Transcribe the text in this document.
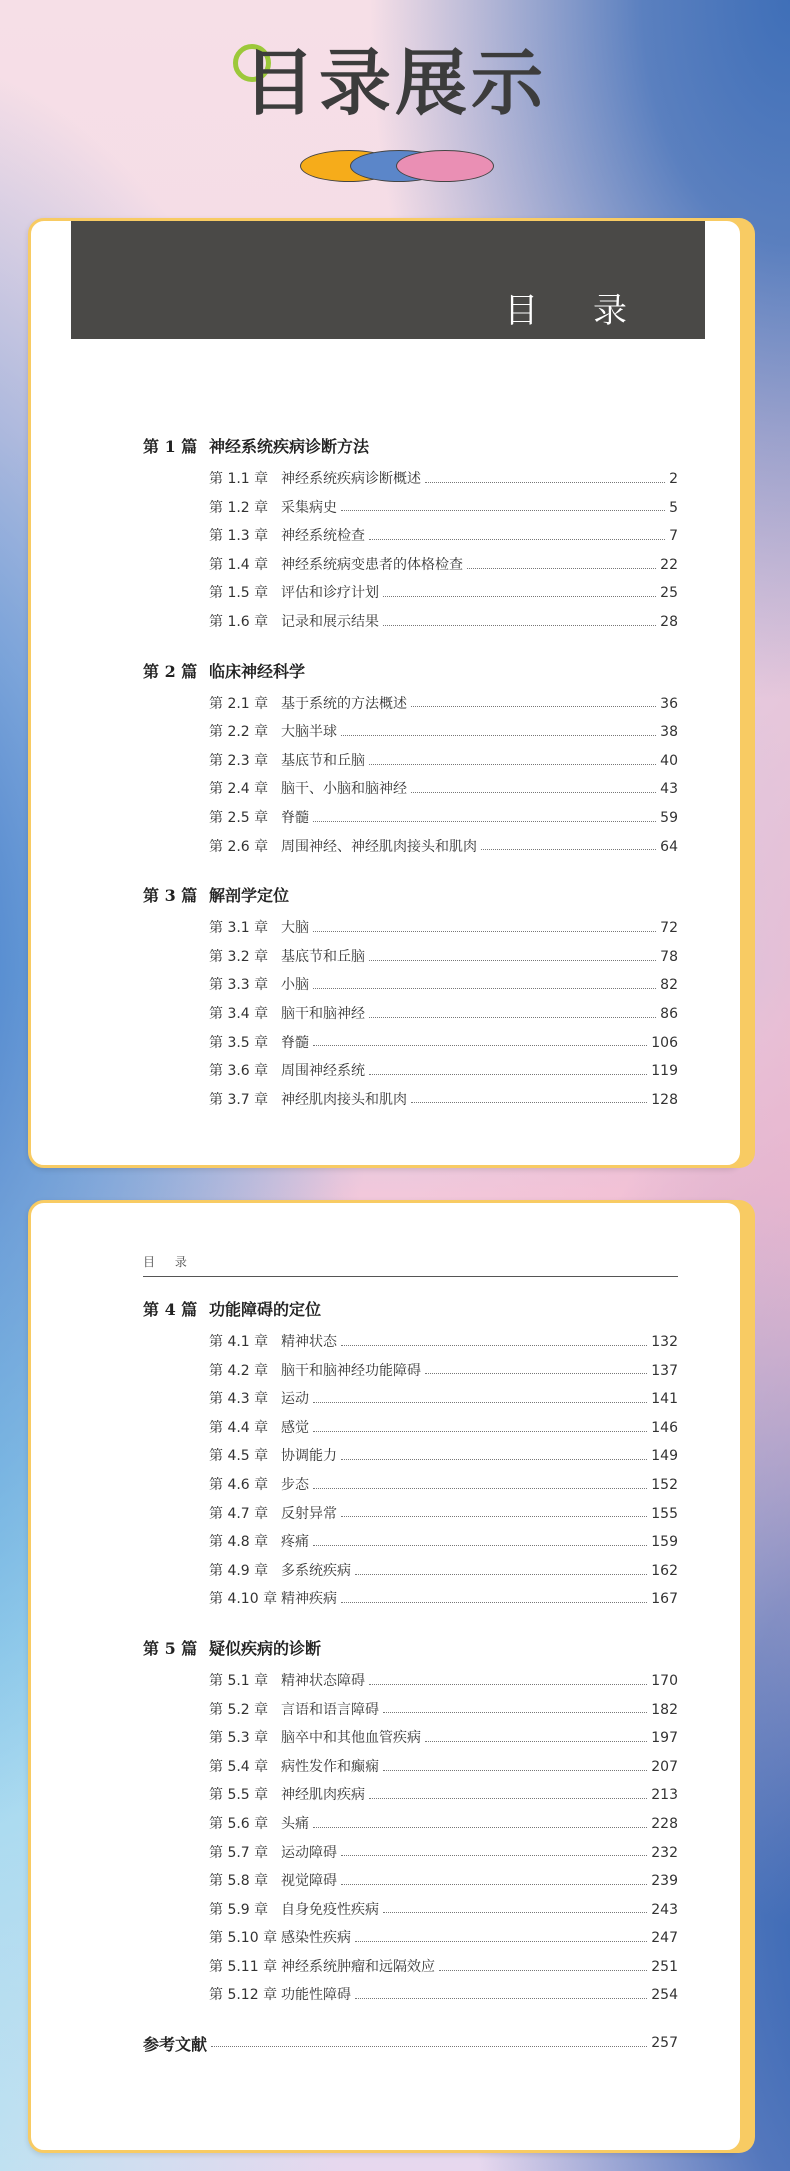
目录展示
目 录
第 1 篇 神经系统疾病诊断方法
第 1.1 章 神经系统疾病诊断概述	2
第 1.2 章 采集病史	5
第 1.3 章 神经系统检查	7
第 1.4 章 神经系统病变患者的体格检查	22
第 1.5 章 评估和诊疗计划	25
第 1.6 章 记录和展示结果	28
第 2 篇 临床神经科学
第 2.1 章 基于系统的方法概述	36
第 2.2 章 大脑半球	38
第 2.3 章 基底节和丘脑	40
第 2.4 章 脑干、小脑和脑神经	43
第 2.5 章 脊髓	59
第 2.6 章 周围神经、神经肌肉接头和肌肉	64
第 3 篇 解剖学定位
第 3.1 章 大脑	72
第 3.2 章 基底节和丘脑	78
第 3.3 章 小脑	82
第 3.4 章 脑干和脑神经	86
第 3.5 章 脊髓	106
第 3.6 章 周围神经系统	119
第 3.7 章 神经肌肉接头和肌肉	128
目 录
第 4 篇 功能障碍的定位
第 4.1 章 精神状态	132
第 4.2 章 脑干和脑神经功能障碍	137
第 4.3 章 运动	141
第 4.4 章 感觉	146
第 4.5 章 协调能力	149
第 4.6 章 步态	152
第 4.7 章 反射异常	155
第 4.8 章 疼痛	159
第 4.9 章 多系统疾病	162
第 4.10 章 精神疾病	167
第 5 篇 疑似疾病的诊断
第 5.1 章 精神状态障碍	170
第 5.2 章 言语和语言障碍	182
第 5.3 章 脑卒中和其他血管疾病	197
第 5.4 章 病性发作和癫痫	207
第 5.5 章 神经肌肉疾病	213
第 5.6 章 头痛	228
第 5.7 章 运动障碍	232
第 5.8 章 视觉障碍	239
第 5.9 章 自身免疫性疾病	243
第 5.10 章 感染性疾病	247
第 5.11 章 神经系统肿瘤和远隔效应	251
第 5.12 章 功能性障碍	254
参考文献	257
